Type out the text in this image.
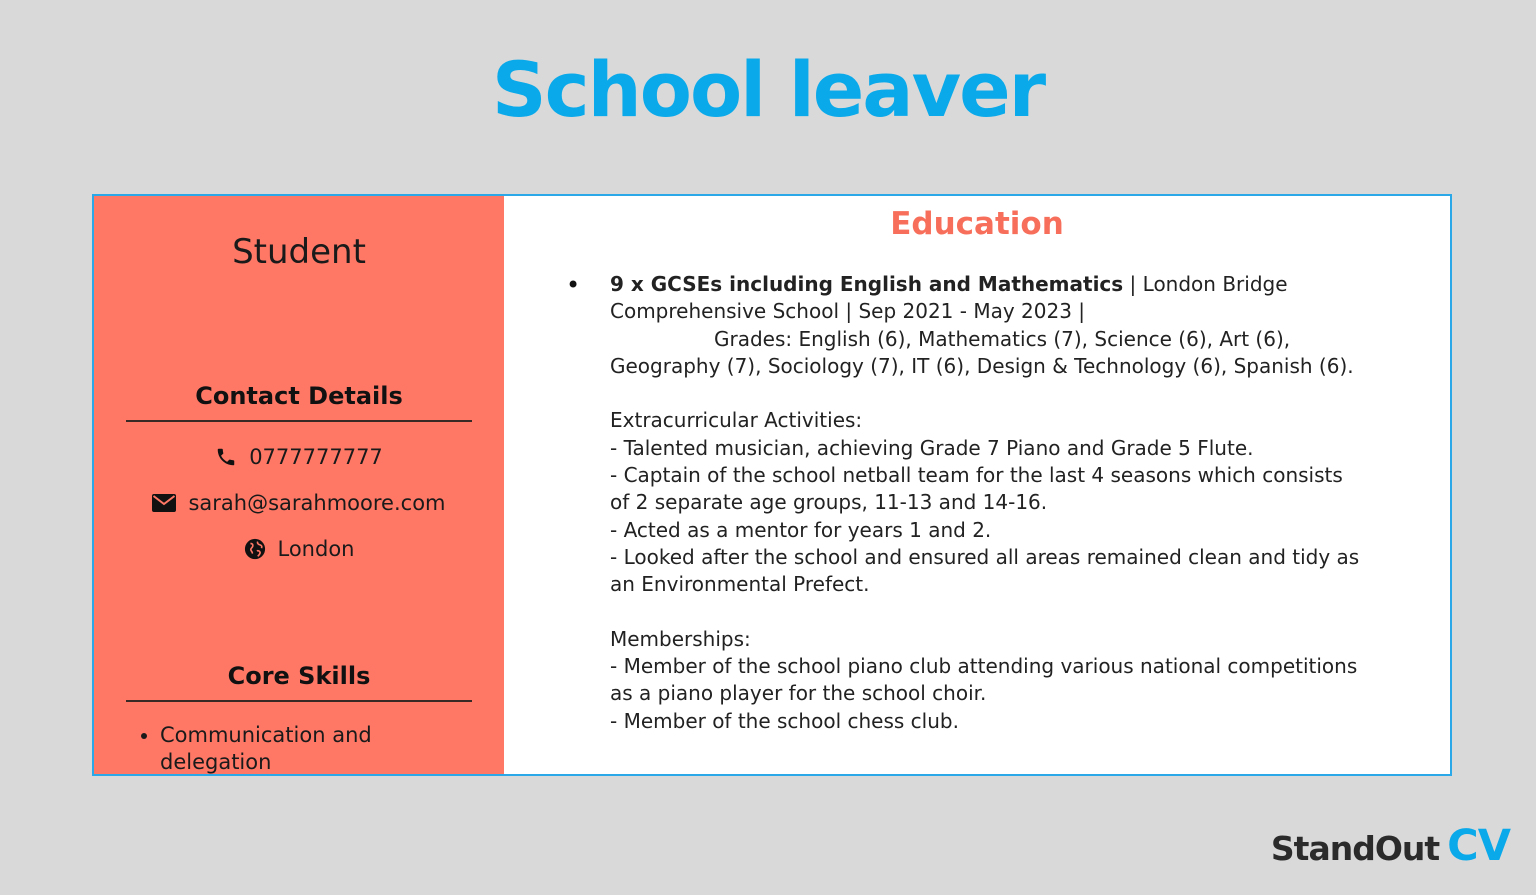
School leaver
Student
Contact Details
0777777777
sarah@sarahmoore.com
London
Core Skills
• Communication and delegation
Education
• 9 x GCSEs including English and Mathematics | London Bridge

Comprehensive School | Sep 2021 - May 2023 |

Grades: English (6), Mathematics (7), Science (6), Art (6),

Geography (7), Sociology (7), IT (6), Design & Technology (6), Spanish (6).

Extracurricular Activities:

- Talented musician, achieving Grade 7 Piano and Grade 5 Flute.

- Captain of the school netball team for the last 4 seasons which consists

of 2 separate age groups, 11-13 and 14-16.

- Acted as a mentor for years 1 and 2.

- Looked after the school and ensured all areas remained clean and tidy as

an Environmental Prefect.

Memberships:

- Member of the school piano club attending various national competitions

as a piano player for the school choir.

- Member of the school chess club.

StandOut CV
